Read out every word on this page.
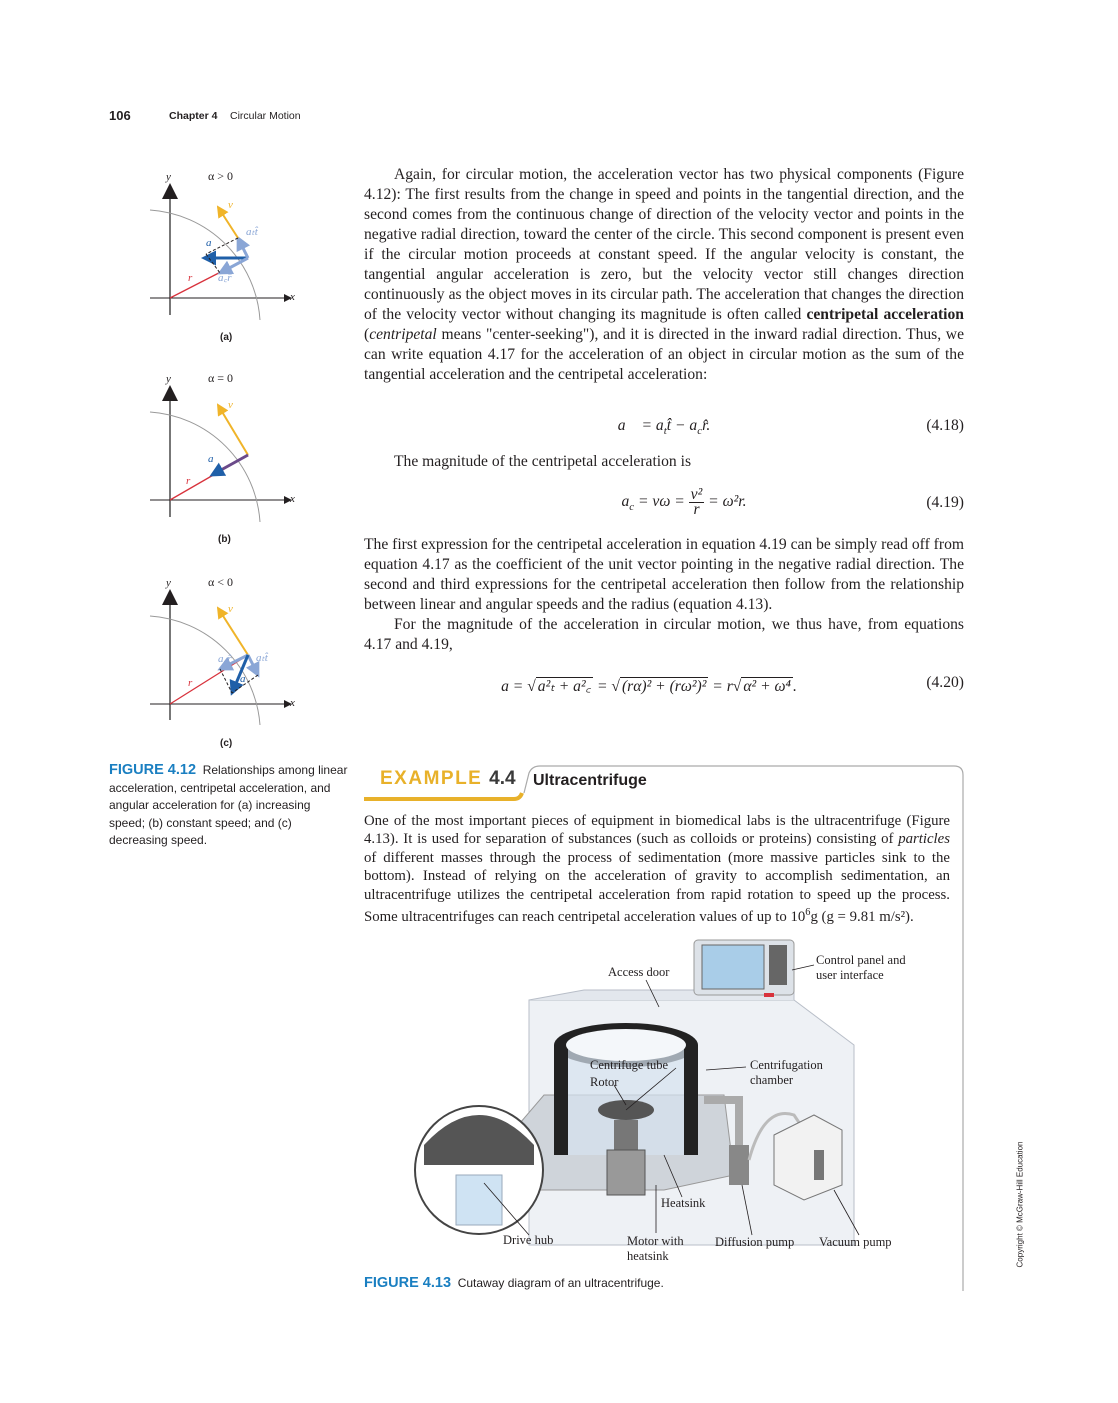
106	Chapter 4 Circular Motion
y
x
α > 0
v⃗
aₜt̂
a⃗
a꜀r̂
r⃗
(a)
y
x
α = 0
v⃗
a⃗
r⃗
(b)
y
x
α < 0
v⃗
a꜀r̂ aₜt̂
a⃗
r⃗
(c)
FIGURE 4.12 Relationships among linear acceleration, centripetal acceleration, and angular acceleration for (a) increasing speed; (b) constant speed; and (c) decreasing speed.

Again, for circular motion, the acceleration vector has two physical components (Figure 4.12): The first results from the change in speed and points in the tangential direction, and the second comes from the continuous change of direction of the velocity vector and points in the negative radial direction, toward the center of the circle. This second component is present even if the circular motion proceeds at constant speed. If the angular velocity is constant, the tangential angular acceleration is zero, but the velocity vector still changes direction continuously as the object moves in its circular path. The acceleration that changes the direction of the velocity vector without changing its magnitude is often called centripetal acceleration (centripetal means "center-seeking"), and it is directed in the inward radial direction. Thus, we can write equation 4.17 for the acceleration of an object in circular motion as the sum of the tangential acceleration and the centripetal acceleration:

a⃗ = $a_tt̂$ − $a_cr̂$.	(4.18)

The magnitude of the centripetal acceleration is

$a_c = v\omega = \frac{\text{v²}}{r} = \omega^2r$.	(4.19)

The first expression for the centripetal acceleration in equation 4.19 can be simply read off from equation 4.17 as the coefficient of the unit vector pointing in the negative radial direction. The second and third expressions for the centripetal acceleration then follow from the relationship between linear and angular speeds and the radius (equation 4.13).

For the magnitude of the acceleration in circular motion, we thus have, from equations 4.17 and 4.19,

a = √ a²ₜ + a²꜀ = √ (rα)² + (rω²)² = r√ α² + ω⁴ .	(4.20)
EXAMPLE 4.4 Ultracentrifuge
One of the most important pieces of equipment in biomedical labs is the ultracentrifuge (Figure 4.13). It is used for separation of substances (such as colloids or proteins) consisting of particles of different masses through the process of sedimentation (more massive particles sink to the bottom). Instead of relying on the acceleration of gravity to accomplish sedimentation, an ultracentrifuge utilizes the centripetal acceleration from rapid rotation to speed up the process. Some ultracentrifuges can reach centripetal acceleration values of up to $10^6g$ (g = 9.81 m/s²).
Access door
Control panel and user interface
Centrifuge tube
Rotor
Centrifugation chamber
Heatsink
Drive hub	Motor with heatsink
Diffusion pump Vacuum pump
FIGURE 4.13 Cutaway diagram of an ultracentrifuge.
Copyright © McGraw-Hill Education
